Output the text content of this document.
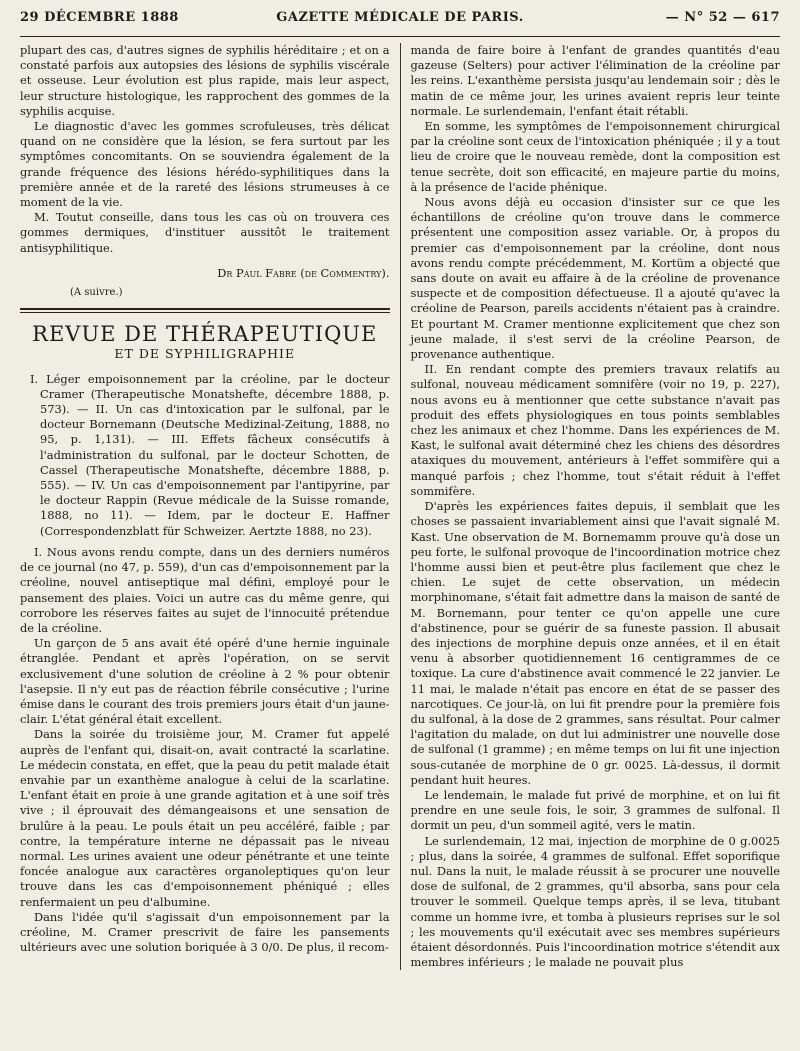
29 DÉCEMBRE 1888	GAZETTE MÉDICALE DE PARIS.	— N° 52 — 617

plupart des cas, d'autres signes de syphilis héréditaire ; et on a constaté parfois aux autopsies des lésions de syphilis viscérale et osseuse. Leur évolution est plus rapide, mais leur aspect, leur structure histologique, les rapprochent des gommes de la syphilis acquise.

Le diagnostic d'avec les gommes scrofuleuses, très délicat quand on ne considère que la lésion, se fera surtout par les symptômes concomitants. On se souviendra également de la grande fréquence des lésions hérédo-syphilitiques dans la première année et de la rareté des lésions strumeuses à ce moment de la vie.

M. Toutut conseille, dans tous les cas où on trouvera ces gommes dermiques, d'instituer aussitôt le traitement antisyphilitique.

Dr Paul Fabre (de Commentry).
(A suivre.)
REVUE DE THÉRAPEUTIQUE
ET DE SYPHILIGRAPHIE

I. Léger empoisonnement par la créoline, par le docteur Cramer (Therapeutische Monatshefte, décembre 1888, p. 573). — II. Un cas d'intoxication par le sulfonal, par le docteur Bornemann (Deutsche Medizinal-Zeitung, 1888, no 95, p. 1,131). — III. Effets fâcheux consécutifs à l'administration du sulfonal, par le docteur Schotten, de Cassel (Therapeutische Monatshefte, décembre 1888, p. 555). — IV. Un cas d'empoisonnement par l'antipyrine, par le docteur Rappin (Revue médicale de la Suisse romande, 1888, no 11). — Idem, par le docteur E. Haffner (Correspondenzblatt für Schweizer. Aertzte 1888, no 23).

I. Nous avons rendu compte, dans un des derniers numéros de ce journal (no 47, p. 559), d'un cas d'empoisonnement par la créoline, nouvel antiseptique mal défini, employé pour le pansement des plaies. Voici un autre cas du même genre, qui corrobore les réserves faites au sujet de l'innocuité prétendue de la créoline.

Un garçon de 5 ans avait été opéré d'une hernie inguinale étranglée. Pendant et après l'opération, on se servit exclusivement d'une solution de créoline à 2 % pour obtenir l'asepsie. Il n'y eut pas de réaction fébrile consécutive ; l'urine émise dans le courant des trois premiers jours était d'un jaune-clair. L'état général était excellent.

Dans la soirée du troisième jour, M. Cramer fut appelé auprès de l'enfant qui, disait-on, avait contracté la scarlatine. Le médecin constata, en effet, que la peau du petit malade était envahie par un exanthème analogue à celui de la scarlatine. L'enfant était en proie à une grande agitation et à une soif très vive ; il éprouvait des démangeaisons et une sensation de brulûre à la peau. Le pouls était un peu accéléré, faible ; par contre, la température interne ne dépassait pas le niveau normal. Les urines avaient une odeur pénétrante et une teinte foncée analogue aux caractères organoleptiques qu'on leur trouve dans les cas d'empoisonnement phéniqué ; elles renfermaient un peu d'albumine.

Dans l'idée qu'il s'agissait d'un empoisonnement par la créoline, M. Cramer prescrivit de faire les pansements ultérieurs avec une solution boriquée à 3 0/0. De plus, il recom-

manda de faire boire à l'enfant de grandes quantités d'eau gazeuse (Selters) pour activer l'élimination de la créoline par les reins. L'exanthème persista jusqu'au lendemain soir ; dès le matin de ce même jour, les urines avaient repris leur teinte normale. Le surlendemain, l'enfant était rétabli.

En somme, les symptômes de l'empoisonnement chirurgical par la créoline sont ceux de l'intoxication phéniquée ; il y a tout lieu de croire que le nouveau remède, dont la composition est tenue secrète, doit son efficacité, en majeure partie du moins, à la présence de l'acide phénique.

Nous avons déjà eu occasion d'insister sur ce que les échantillons de créoline qu'on trouve dans le commerce présentent une composition assez variable. Or, à propos du premier cas d'empoisonnement par la créoline, dont nous avons rendu compte précédemment, M. Kortüm a objecté que sans doute on avait eu affaire à de la créoline de provenance suspecte et de composition défectueuse. Il a ajouté qu'avec la créoline de Pearson, pareils accidents n'étaient pas à craindre. Et pourtant M. Cramer mentionne explicitement que chez son jeune malade, il s'est servi de la créoline Pearson, de provenance authentique.

II. En rendant compte des premiers travaux relatifs au sulfonal, nouveau médicament somnifère (voir no 19, p. 227), nous avons eu à mentionner que cette substance n'avait pas produit des effets physiologiques en tous points semblables chez les animaux et chez l'homme. Dans les expériences de M. Kast, le sulfonal avait déterminé chez les chiens des désordres ataxiques du mouvement, antérieurs à l'effet sommifère qui a manqué parfois ; chez l'homme, tout s'était réduit à l'effet sommifère.

D'après les expériences faites depuis, il semblait que les choses se passaient invariablement ainsi que l'avait signalé M. Kast. Une observation de M. Bornemamm prouve qu'à dose un peu forte, le sulfonal provoque de l'incoordination motrice chez l'homme aussi bien et peut-être plus facilement que chez le chien. Le sujet de cette observation, un médecin morphinomane, s'était fait admettre dans la maison de santé de M. Bornemann, pour tenter ce qu'on appelle une cure d'abstinence, pour se guérir de sa funeste passion. Il abusait des injections de morphine depuis onze années, et il en était venu à absorber quotidiennement 16 centigrammes de ce toxique. La cure d'abstinence avait commencé le 22 janvier. Le 11 mai, le malade n'était pas encore en état de se passer des narcotiques. Ce jour-là, on lui fit prendre pour la première fois du sulfonal, à la dose de 2 grammes, sans résultat. Pour calmer l'agitation du malade, on dut lui administrer une nouvelle dose de sulfonal (1 gramme) ; en même temps on lui fit une injection sous-cutanée de morphine de 0 gr. 0025. Là-dessus, il dormit pendant huit heures.

Le lendemain, le malade fut privé de morphine, et on lui fit prendre en une seule fois, le soir, 3 grammes de sulfonal. Il dormit un peu, d'un sommeil agité, vers le matin.

Le surlendemain, 12 mai, injection de morphine de 0 g.0025 ; plus, dans la soirée, 4 grammes de sulfonal. Effet soporifique nul. Dans la nuit, le malade réussit à se procurer une nouvelle dose de sulfonal, de 2 grammes, qu'il absorba, sans pour cela trouver le sommeil. Quelque temps après, il se leva, titubant comme un homme ivre, et tomba à plusieurs reprises sur le sol ; les mouvements qu'il exécutait avec ses membres supérieurs étaient désordonnés. Puis l'incoordination motrice s'étendit aux membres inférieurs ; le malade ne pouvait plus
